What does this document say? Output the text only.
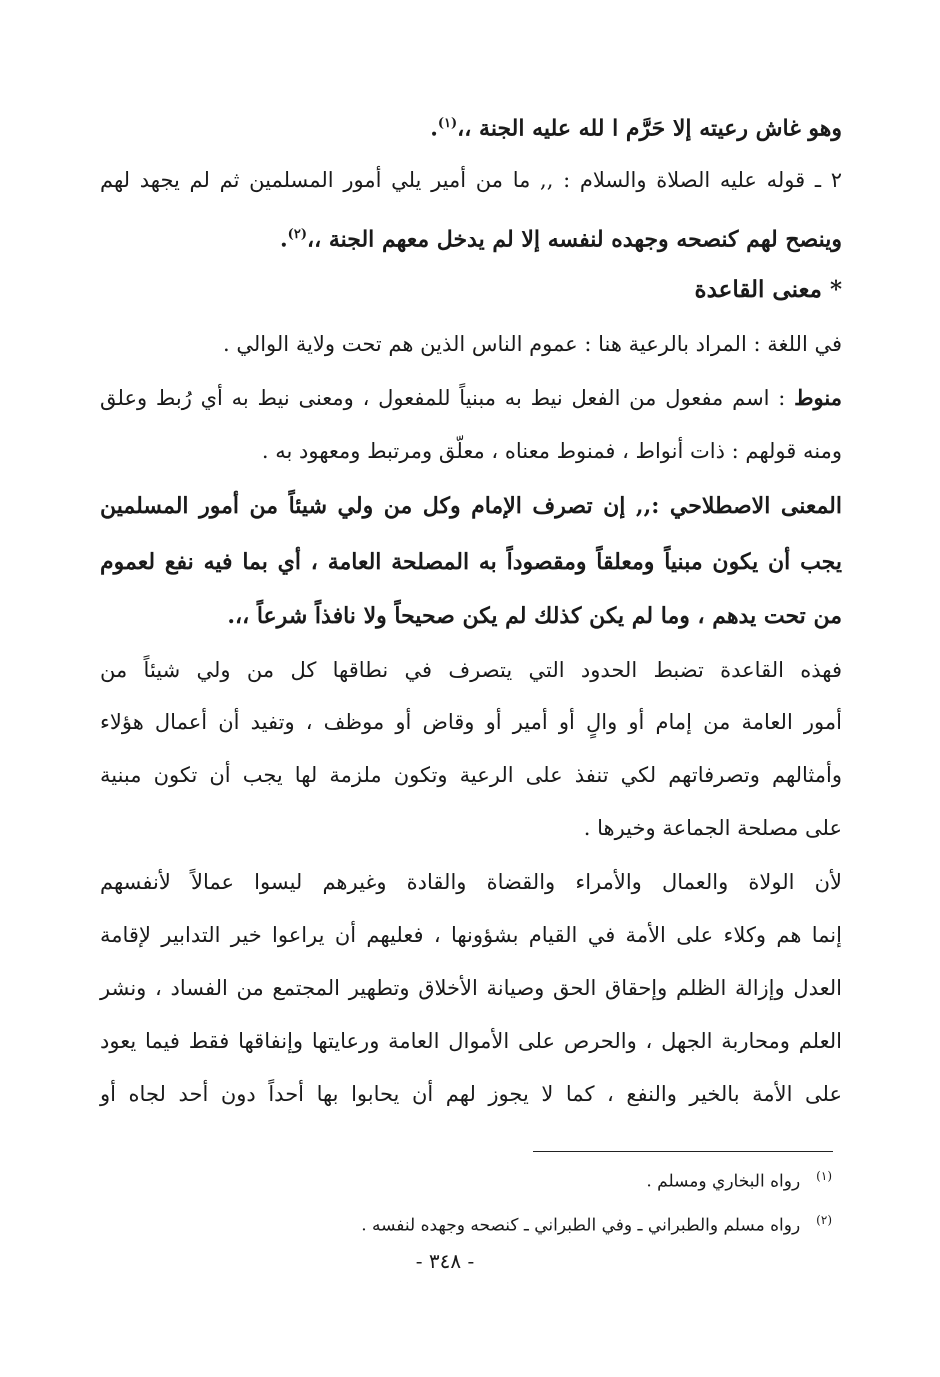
وهو غاش رعيته إلا حَرَّم ا لله عليه الجنة ،،$^{(١)}$.
٢ ـ قوله عليه الصلاة والسلام : ,, ما من أمير يلي أمور المسلمين ثم لم يجهد لهم
وينصح لهم كنصحه وجهده لنفسه إلا لم يدخل معهم الجنة ،،$^{(٢)}$.
* معنى القاعدة
في اللغة : المراد بالرعية هنا : عموم الناس الذين هم تحت ولاية الوالي .
منوط : اسم مفعول من الفعل نيط به مبنياً للمفعول ، ومعنى نيط به أي رُبط وعلق
ومنه قولهم : ذات أنواط ، فمنوط معناه ، معلّق ومرتبط ومعهود به .
المعنى الاصطلاحي :,, إن تصرف الإمام وكل من ولي شيئاً من أمور المسلمين
يجب أن يكون مبنياً ومعلقاً ومقصوداً به المصلحة العامة ، أي بما فيه نفع لعموم
من تحت يدهم ، وما لم يكن كذلك لم يكن صحيحاً ولا نافذاً شرعاً ،،.
فهذه القاعدة تضبط الحدود التي يتصرف في نطاقها كل من ولي شيئاً من
أمور العامة من إمام أو والٍ أو أمير أو وقاض أو موظف ، وتفيد أن أعمال هؤلاء
وأمثالهم وتصرفاتهم لكي تنفذ على الرعية وتكون ملزمة لها يجب أن تكون مبنية
على مصلحة الجماعة وخيرها .
لأن الولاة والعمال والأمراء والقضاة والقادة وغيرهم ليسوا عمالاً لأنفسهم
إنما هم وكلاء على الأمة في القيام بشؤونها ، فعليهم أن يراعوا خير التدابير لإقامة
العدل وإزالة الظلم وإحقاق الحق وصيانة الأخلاق وتطهير المجتمع من الفساد ، ونشر
العلم ومحاربة الجهل ، والحرص على الأموال العامة ورعايتها وإنفاقها فقط فيما يعود
على الأمة بالخير والنفع ، كما لا يجوز لهم أن يحابوا بها أحداً دون أحد لجاه أو
$^{(١)}$رواه البخاري ومسلم .
$^{(٢)}$رواه مسلم والطبراني ـ وفي الطبراني ـ كنصحه وجهده لنفسه .
- ٣٤٨ -
